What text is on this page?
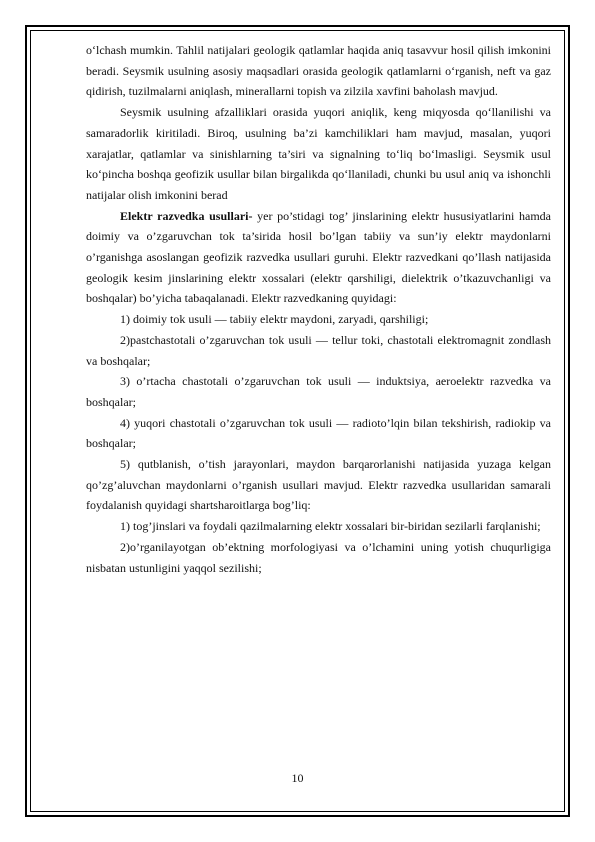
o‘lchash mumkin. Tahlil natijalari geologik qatlamlar haqida aniq tasavvur hosil qilish imkonini beradi. Seysmik usulning asosiy maqsadlari orasida geologik qatlamlarni o‘rganish, neft va gaz qidirish, tuzilmalarni aniqlash, minerallarni topish va zilzila xavfini baholash mavjud.

Seysmik usulning afzalliklari orasida yuqori aniqlik, keng miqyosda qo‘llanilishi va samaradorlik kiritiladi. Biroq, usulning ba’zi kamchiliklari ham mavjud, masalan, yuqori xarajatlar, qatlamlar va sinishlarning ta’siri va signalning to‘liq bo‘lmasligi. Seysmik usul ko‘pincha boshqa geofizik usullar bilan birgalikda qo‘llaniladi, chunki bu usul aniq va ishonchli natijalar olish imkonini berad

Elektr razvedka usullari- yer po’stidagi tog’ jinslarining elektr hususiyatlarini hamda doimiy va o’zgaruvchan tok ta’sirida hosil bo’lgan tabiiy va sun’iy elektr maydonlarni o’rganishga asoslangan geofizik razvedka usullari guruhi. Elektr razvedkani qo’llash natijasida geologik kesim jinslarining elektr xossalari (elektr qarshiligi, dielektrik o’tkazuvchanligi va boshqalar) bo’yicha tabaqalanadi. Elektr razvedkaning quyidagi:

1) doimiy tok usuli — tabiiy elektr maydoni, zaryadi, qarshiligi;

2)pastchastotali o’zgaruvchan tok usuli — tellur toki, chastotali elektromagnit zondlash va boshqalar;

3) o’rtacha chastotali o’zgaruvchan tok usuli — induktsiya, aeroelektr razvedka va boshqalar;

4) yuqori chastotali o’zgaruvchan tok usuli — radioto’lqin bilan tekshirish, radiokip va boshqalar;

5) qutblanish, o’tish jarayonlari, maydon barqarorlanishi natijasida yuzaga kelgan qo’zg’aluvchan maydonlarni o’rganish usullari mavjud. Elektr razvedka usullaridan samarali foydalanish quyidagi shartsharoitlarga bog’liq:

1) tog’jinslari va foydali qazilmalarning elektr xossalari bir-biridan sezilarli farqlanishi;

2)o’rganilayotgan ob’ektning morfologiyasi va o’lchamini uning yotish chuqurligiga nisbatan ustunligini yaqqol sezilishi;

10
